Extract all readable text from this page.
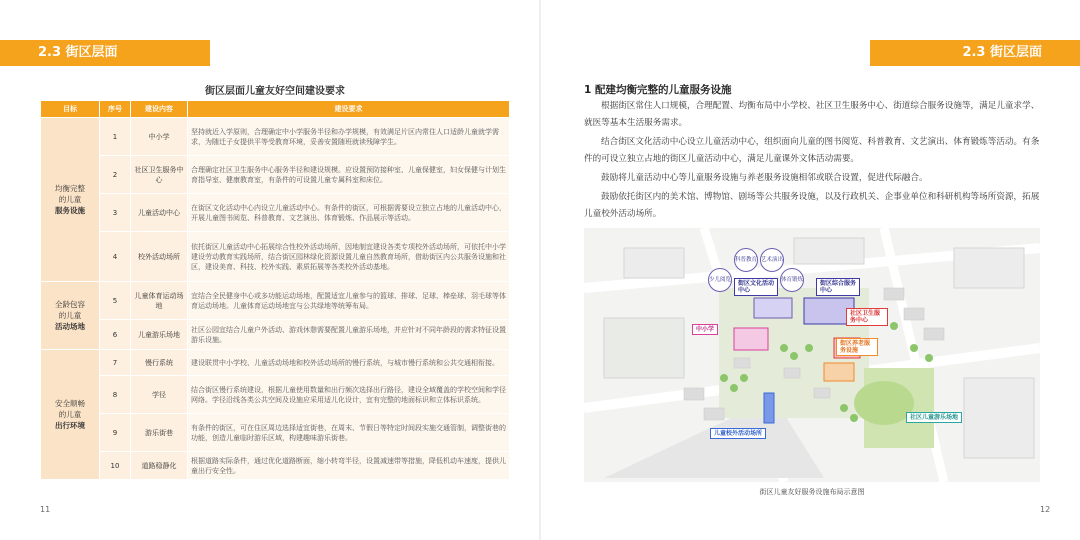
2.3 街区层面
街区层面儿童友好空间建设要求
11
目标	序号	建设内容	建设要求
均衡完整
的儿童
服务设施	1	中小学	坚持就近入学原则，合理确定中小学服务半径和办学规模，有效满足片区内常住人口适龄儿童就学需求，为随迁子女提供平等受教育环境，妥善安置随班就读残障学生。
	2	社区卫生服务中心	合理确定社区卫生服务中心服务半径和建设规模。应设置预防接种室、儿童保健室，妇女保健与计划生育指导室、健康教育室，有条件的可设置儿童专属科室和床位。
	3	儿童活动中心	在街区文化活动中心内设立儿童活动中心。有条件的街区，可根据需要设立独立占地的儿童活动中心，开展儿童图书阅览、科普教育、文艺演出、体育锻炼、作品展示等活动。
	4	校外活动场所	依托街区儿童活动中心拓展综合性校外活动场所，因地制宜建设各类专项校外活动场所，可依托中小学建设劳动教育实践场所，结合街区园林绿化资源设置儿童自然教育场所，借助街区内公共服务设施和社区，建设美育、科技、校外实践、素质拓展等各类校外活动基地。
全龄包容
的儿童
活动场地	5	儿童体育运动场地	宜结合全民健身中心或多功能运动场地，配置适宜儿童参与的篮球、排球、足球、棒垒球、羽毛球等体育运动场地。儿童体育运动场地宜与公共绿地等统筹布局。
	6	儿童游乐场地	社区公园宜结合儿童户外活动、游戏休憩需要配置儿童游乐场地，并应针对不同年龄段的需求特征设置游乐设施。
安全顺畅
的儿童
出行环境	7	慢行系统	建设联贯中小学校、儿童活动场地和校外活动场所的慢行系统，与城市慢行系统和公共交通相衔接。
	8	学径	结合街区慢行系统建设，根据儿童使用数量和出行频次选择出行路径，建设全域覆盖的学校空间和学径网络。学径沿线各类公共空间及设施应采用适儿化设计，宜有完整的地面标识和立体标识系统。
	9	游乐街巷	有条件的街区，可在住区周边选择适宜街巷，在周末、节假日等特定时间段实施交通管制，调整街巷的功能，创造儿童临时游乐区域，构建趣味游乐街巷。
	10	道路稳静化	根据道路实际条件，通过优化道路断面，缩小转弯半径，设置减速带等措施，降低机动车速度，提供儿童出行安全性。
2.3 街区层面
1 配建均衡完整的儿童服务设施
根据街区常住人口规模，合理配置、均衡布局中小学校、社区卫生服务中心、街道综合服务设施等，满足儿童求学、就医等基本生活服务需求。
结合街区文化活动中心设立儿童活动中心，组织面向儿童的图书阅览、科普教育、文艺演出、体育锻炼等活动。有条件的可设立独立占地的街区儿童活动中心，满足儿童课外文体活动需要。
鼓励将儿童活动中心等儿童服务设施与养老服务设施相邻或联合设置，促进代际融合。
鼓励依托街区内的美术馆、博物馆、剧场等公共服务设施，以及行政机关、企事业单位和科研机构等场所资源，拓展儿童校外活动场所。
科普教育 艺术演出
少儿阅览	体育锻炼
街区文化活动中心
街区综合服务中心
中小学
社区卫生服务中心
街区养老服务设施
社区儿童游乐场地
儿童校外活动场所
街区儿童友好服务设施布局示意图
12
